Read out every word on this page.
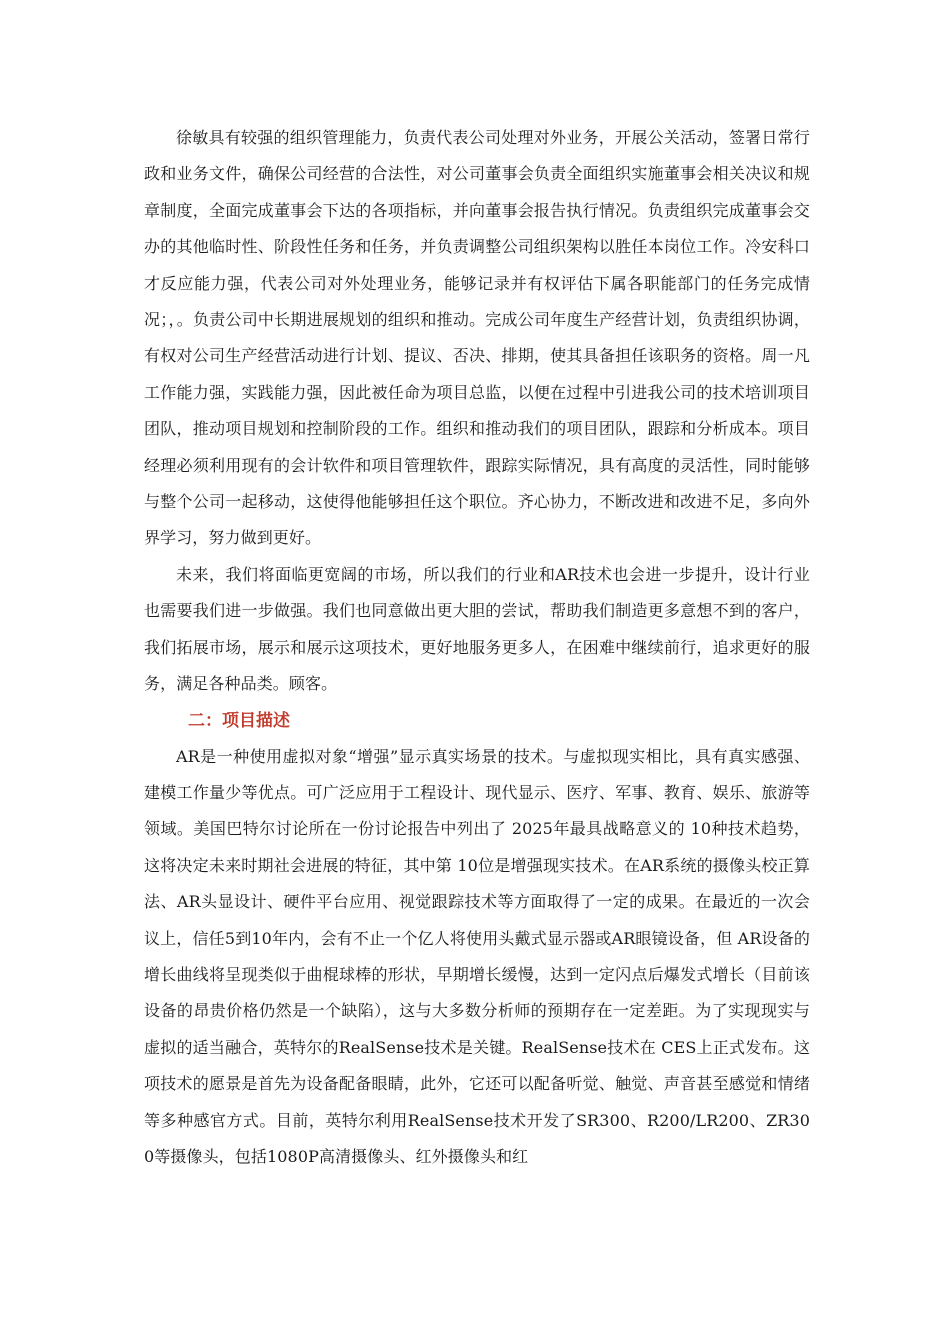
徐敏具有较强的组织管理能力，负责代表公司处理对外业务，开展公关活动，签署日常行政和业务文件，确保公司经营的合法性，对公司董事会负责全面组织实施董事会相关决议和规章制度，全面完成董事会下达的各项指标，并向董事会报告执行情况。负责组织完成董事会交办的其他临时性、阶段性任务和任务，并负责调整公司组织架构以胜任本岗位工作。冷安科口才反应能力强，代表公司对外处理业务，能够记录并有权评估下属各职能部门的任务完成情况；，。负责公司中长期进展规划的组织和推动。完成公司年度生产经营计划，负责组织协调，有权对公司生产经营活动进行计划、提议、否决、排期，使其具备担任该职务的资格。周一凡工作能力强，实践能力强，因此被任命为项目总监，以便在过程中引进我公司的技术培训项目团队，推动项目规划和控制阶段的工作。组织和推动我们的项目团队，跟踪和分析成本。项目经理必须利用现有的会计软件和项目管理软件，跟踪实际情况，具有高度的灵活性，同时能够与整个公司一起移动，这使得他能够担任这个职位。齐心协力，不断改进和改进不足，多向外界学习，努力做到更好。

未来，我们将面临更宽阔的市场，所以我们的行业和AR技术也会进一步提升，设计行业也需要我们进一步做强。我们也同意做出更大胆的尝试，帮助我们制造更多意想不到的客户，我们拓展市场，展示和展示这项技术，更好地服务更多人，在困难中继续前行，追求更好的服务，满足各种品类。顾客。

二：项目描述

AR是一种使用虚拟对象“增强”显示真实场景的技术。与虚拟现实相比，具有真实感强、建模工作量少等优点。可广泛应用于工程设计、现代显示、医疗、军事、教育、娱乐、旅游等领域。美国巴特尔讨论所在一份讨论报告中列出了 2025年最具战略意义的 10种技术趋势，这将决定未来时期社会进展的特征，其中第 10位是增强现实技术。在AR系统的摄像头校正算法、AR头显设计、硬件平台应用、视觉跟踪技术等方面取得了一定的成果。在最近的一次会议上，信任5到10年内，会有不止一个亿人将使用头戴式显示器或AR眼镜设备，但 AR设备的增长曲线将呈现类似于曲棍球棒的形状，早期增长缓慢，达到一定闪点后爆发式增长（目前该设备的昂贵价格仍然是一个缺陷），这与大多数分析师的预期存在一定差距。为了实现现实与虚拟的适当融合，英特尔的RealSense技术是关键。RealSense技术在 CES上正式发布。这项技术的愿景是首先为设备配备眼睛，此外，它还可以配备听觉、触觉、声音甚至感觉和情绪等多种感官方式。目前，英特尔利用RealSense技术开发了SR300、R200/LR200、ZR300等摄像头，包括1080P高清摄像头、红外摄像头和红
